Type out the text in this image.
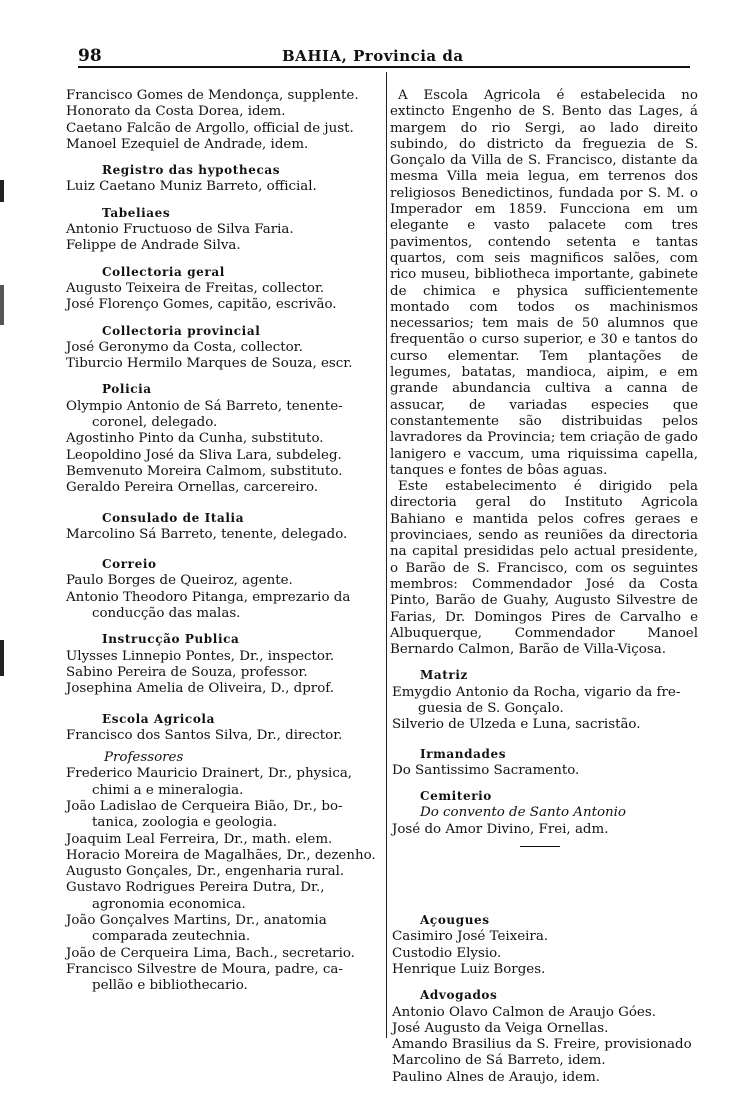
98	BAHIA, Provincia da

Francisco Gomes de Mendonça, supplente.

Honorato da Costa Dorea, idem.

Caetano Falcão de Argollo, official de just.

Manoel Ezequiel de Andrade, idem.

Registro das hypothecas

Luiz Caetano Muniz Barreto, official.

Tabeliaes

Antonio Fructuoso de Silva Faria.

Felippe de Andrade Silva.

Collectoria geral

Augusto Teixeira de Freitas, collector.

José Florenço Gomes, capitão, escrivão.

Collectoria provincial

José Geronymo da Costa, collector.

Tiburcio Hermilo Marques de Souza, escr.

Policia

Olympio Antonio de Sá Barreto, tenente-

coronel, delegado.

Agostinho Pinto da Cunha, substituto.

Leopoldino José da Sliva Lara, subdeleg.

Bemvenuto Moreira Calmom, substituto.

Geraldo Pereira Ornellas, carcereiro.

Consulado de Italia

Marcolino Sá Barreto, tenente, delegado.

Correio

Paulo Borges de Queiroz, agente.

Antonio Theodoro Pitanga, emprezario da

conducção das malas.

Instrucção Publica

Ulysses Linnepio Pontes, Dr., inspector.

Sabino Pereira de Souza, professor.

Josephina Amelia de Oliveira, D., dprof.

Escola Agricola

Francisco dos Santos Silva, Dr., director.

Professores

Frederico Mauricio Drainert, Dr., physica,

chimi a e mineralogia.

João Ladislao de Cerqueira Bião, Dr., bo-

tanica, zoologia e geologia.

Joaquim Leal Ferreira, Dr., math. elem.

Horacio Moreira de Magalhães, Dr., dezenho.

Augusto Gonçales, Dr., engenharia rural.

Gustavo Rodrigues Pereira Dutra, Dr.,

agronomia economica.

João Gonçalves Martins, Dr., anatomia

comparada zeutechnia.

João de Cerqueira Lima, Bach., secretario.

Francisco Silvestre de Moura, padre, ca-

pellão e bibliothecario.

A Escola Agricola é estabelecida no extincto Engenho de S. Bento das Lages, á margem do rio Sergi, ao lado direito subindo, do districto da freguezia de S. Gonçalo da Villa de S. Francisco, distante da mesma Villa meia legua, em terrenos dos religiosos Benedictinos, fundada por S. M. o Imperador em 1859. Funcciona em um elegante e vasto palacete com tres pavimentos, contendo setenta e tantas quartos, com seis magnificos salões, com rico museu, bibliotheca importante, gabinete de chimica e physica sufficientemente montado com todos os machinismos necessarios; tem mais de 50 alumnos que frequentão o curso superior, e 30 e tantos do curso elementar. Tem plantações de legumes, batatas, mandioca, aipim, e em grande abundancia cultiva a canna de assucar, de variadas especies que constantemente são distribuidas pelos lavradores da Provincia; tem criação de gado lanigero e vaccum, uma riquissima capella, tanques e fontes de bôas aguas.

Este estabelecimento é dirigido pela directoria geral do Instituto Agricola Bahiano e mantida pelos cofres geraes e provinciaes, sendo as reuniões da directoria na capital presididas pelo actual presidente, o Barão de S. Francisco, com os seguintes membros: Commendador José da Costa Pinto, Barão de Guahy, Augusto Silvestre de Farias, Dr. Domingos Pires de Carvalho e Albuquerque, Commendador Manoel Bernardo Calmon, Barão de Villa-Viçosa.

Matriz

Emygdio Antonio da Rocha, vigario da fre-

guesia de S. Gonçalo.

Silverio de Ulzeda e Luna, sacristão.

Irmandades

Do Santissimo Sacramento.

Cemiterio

Do convento de Santo Antonio

José do Amor Divino, Frei, adm.

Açougues

Casimiro José Teixeira.

Custodio Elysio.

Henrique Luiz Borges.

Advogados

Antonio Olavo Calmon de Araujo Góes.

José Augusto da Veiga Ornellas.

Amando Brasilius da S. Freire, provisionado

Marcolino de Sá Barreto, idem.

Paulino Alnes de Araujo, idem.
